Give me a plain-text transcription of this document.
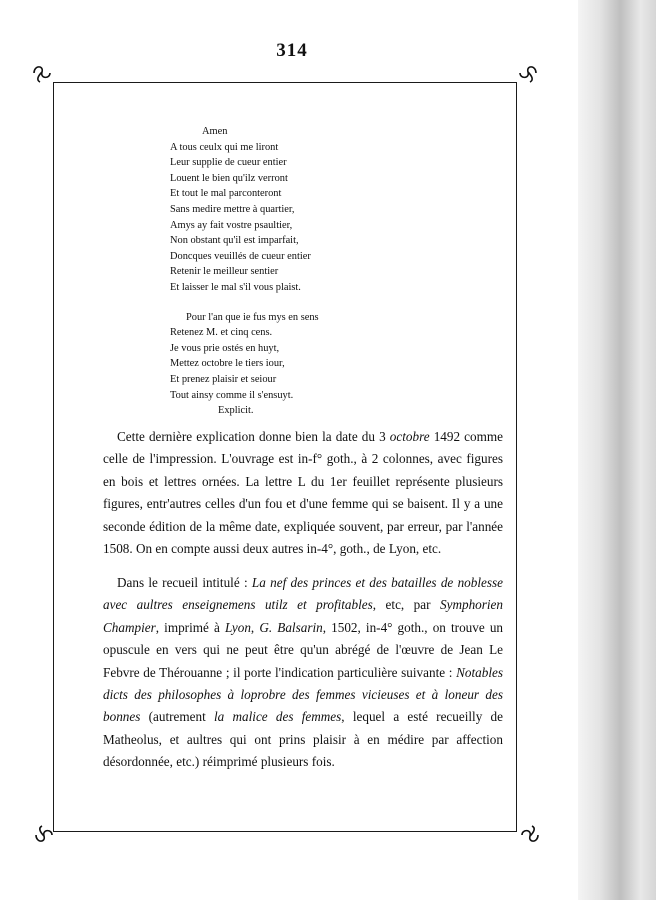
314
Amen
A tous ceulx qui me liront
Leur supplie de cueur entier
Louent le bien qu'ilz verront
Et tout le mal parconteront
Sans medire mettre à quartier,
Amys ay fait vostre psaultier,
Non obstant qu'il est imparfait,
Doncques veuillés de cueur entier
Retenir le meilleur sentier
Et laisser le mal s'il vous plaist.
Pour l'an que ie fus mys en sens
Retenez M. et cinq cens.
Je vous prie ostés en huyt,
Mettez octobre le tiers iour,
Et prenez plaisir et seiour
Tout ainsy comme il s'ensuyt.
Explicit.

Cette dernière explication donne bien la date du 3 octobre 1492 comme celle de l'impression. L'ouvrage est in-f° goth., à 2 colonnes, avec figures en bois et lettres ornées. La lettre L du 1er feuillet représente plusieurs figures, entr'autres celles d'un fou et d'une femme qui se baisent. Il y a une seconde édition de la même date, expliquée souvent, par erreur, par l'année 1508. On en compte aussi deux autres in-4°, goth., de Lyon, etc.

Dans le recueil intitulé : La nef des princes et des batailles de noblesse avec aultres enseignemens utilz et profitables, etc, par Symphorien Champier, imprimé à Lyon, G. Balsarin, 1502, in-4° goth., on trouve un opuscule en vers qui ne peut être qu'un abrégé de l'œuvre de Jean Le Febvre de Thérouanne ; il porte l'indication particulière suivante : Notables dicts des philosophes à loprobre des femmes vicieuses et à loneur des bonnes (autrement la malice des femmes, lequel a esté recueilly de Matheolus, et aultres qui ont prins plaisir à en médire par affection désordonnée, etc.) réimprimé plusieurs fois.
